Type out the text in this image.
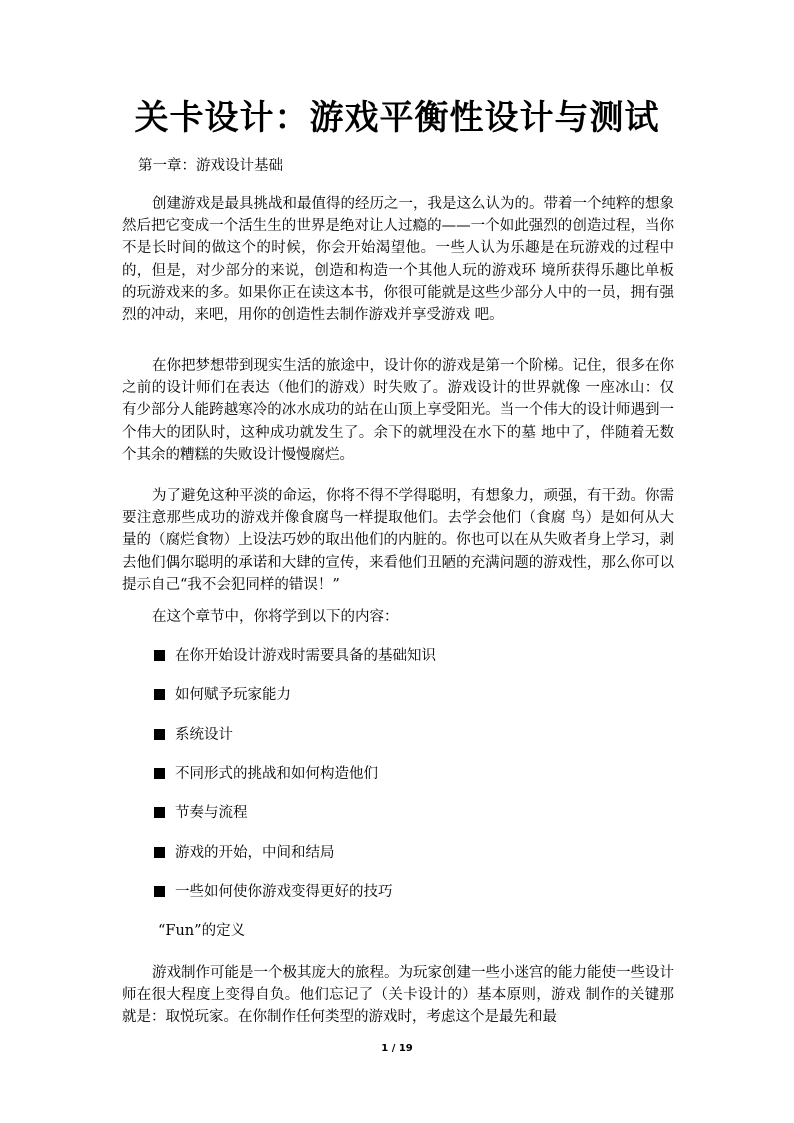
关卡设计：游戏平衡性设计与测试
第一章：游戏设计基础

创建游戏是最具挑战和最值得的经历之一，我是这么认为的。带着一个纯粹的想象然后把它变成一个活生生的世界是绝对让人过瘾的——一个如此强烈的创造过程，当你不是长时间的做这个的时候，你会开始渴望他。一些人认为乐趣是在玩游戏的过程中的，但是，对少部分的来说，创造和构造一个其他人玩的游戏环 境所获得乐趣比单板的玩游戏来的多。如果你正在读这本书，你很可能就是这些少部分人中的一员，拥有强烈的冲动，来吧，用你的创造性去制作游戏并享受游戏 吧。

在你把梦想带到现实生活的旅途中，设计你的游戏是第一个阶梯。记住，很多在你之前的设计师们在表达（他们的游戏）时失败了。游戏设计的世界就像 一座冰山：仅有少部分人能跨越寒冷的冰水成功的站在山顶上享受阳光。当一个伟大的设计师遇到一个伟大的团队时，这种成功就发生了。余下的就埋没在水下的墓 地中了，伴随着无数个其余的糟糕的失败设计慢慢腐烂。

为了避免这种平淡的命运，你将不得不学得聪明，有想象力，顽强，有干劲。你需要注意那些成功的游戏并像食腐鸟一样提取他们。去学会他们（食腐 鸟）是如何从大量的（腐烂食物）上设法巧妙的取出他们的内脏的。你也可以在从失败者身上学习，剥去他们偶尔聪明的承诺和大肆的宣传，来看他们丑陋的充满问题的游戏性，那么你可以提示自己“我不会犯同样的错误！”

在这个章节中，你将学到以下的内容：
在你开始设计游戏时需要具备的基础知识
如何赋予玩家能力
系统设计
不同形式的挑战和如何构造他们
节奏与流程
游戏的开始，中间和结局
一些如何使你游戏变得更好的技巧
“Fun”的定义

游戏制作可能是一个极其庞大的旅程。为玩家创建一些小迷宫的能力能使一些设计师在很大程度上变得自负。他们忘记了（关卡设计的）基本原则，游戏 制作的关键那就是：取悦玩家。在你制作任何类型的游戏时，考虑这个是最先和最

1 / 19
